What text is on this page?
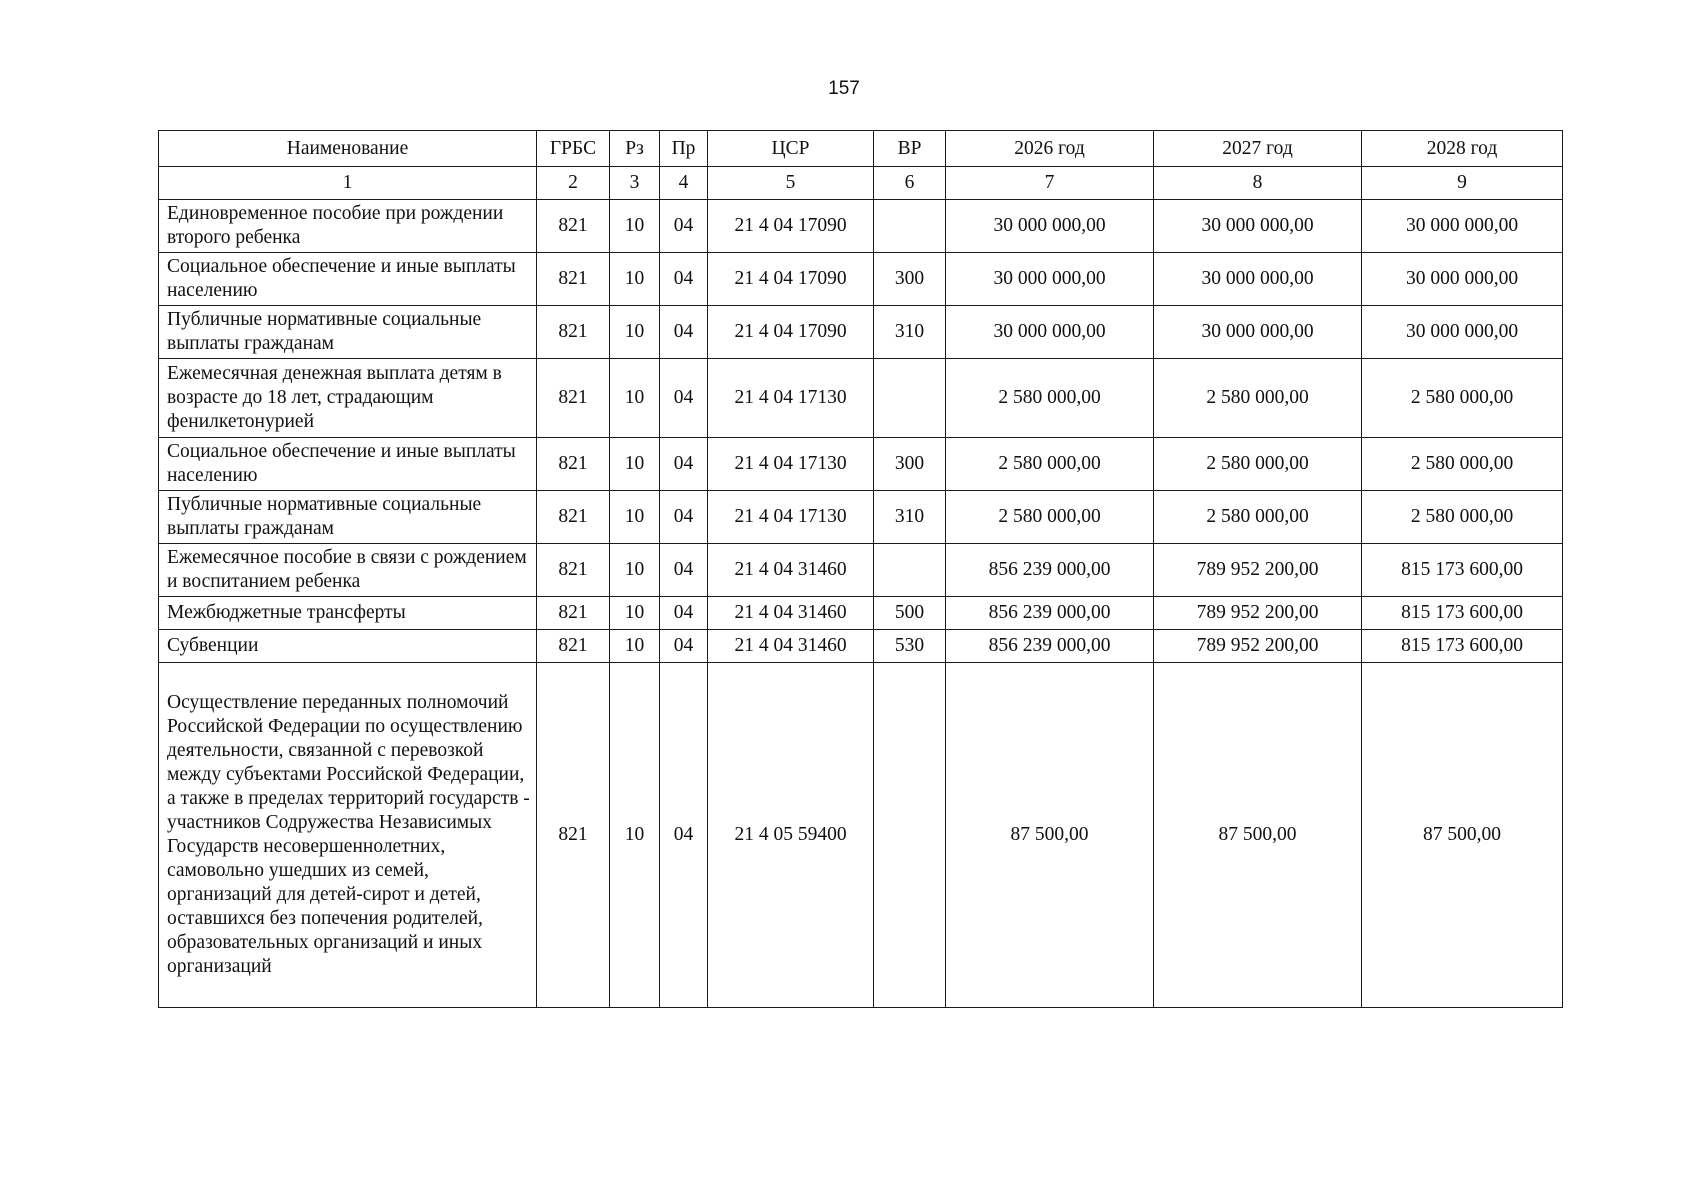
157
Наименование	ГРБС	Рз	Пр	ЦСР	ВР	2026 год	2027 год	2028 год
1	2	3	4	5	6	7	8	9
Единовременное пособие при рождении второго ребенка	821	10	04	21 4 04 17090		30 000 000,00	30 000 000,00	30 000 000,00
Социальное обеспечение и иные выплаты населению	821	10	04	21 4 04 17090	300	30 000 000,00	30 000 000,00	30 000 000,00
Публичные нормативные социальные выплаты гражданам	821	10	04	21 4 04 17090	310	30 000 000,00	30 000 000,00	30 000 000,00
Ежемесячная денежная выплата детям в возрасте до 18 лет, страдающим фенилкетонурией	821	10	04	21 4 04 17130		2 580 000,00	2 580 000,00	2 580 000,00
Социальное обеспечение и иные выплаты населению	821	10	04	21 4 04 17130	300	2 580 000,00	2 580 000,00	2 580 000,00
Публичные нормативные социальные выплаты гражданам	821	10	04	21 4 04 17130	310	2 580 000,00	2 580 000,00	2 580 000,00
Ежемесячное пособие в связи с рождением и воспитанием ребенка	821	10	04	21 4 04 31460		856 239 000,00	789 952 200,00	815 173 600,00
Межбюджетные трансферты	821	10	04	21 4 04 31460	500	856 239 000,00	789 952 200,00	815 173 600,00
Субвенции	821	10	04	21 4 04 31460	530	856 239 000,00	789 952 200,00	815 173 600,00
Осуществление переданных полномочий Российской Федерации по осуществлению деятельности, связанной с перевозкой между субъектами Российской Федерации, а также в пределах территорий государств - участников Содружества Независимых Государств несовершеннолетних, самовольно ушедших из семей, организаций для детей-сирот и детей, оставшихся без попечения родителей, образовательных организаций и иных организаций	821	10	04	21 4 05 59400		87 500,00	87 500,00	87 500,00
